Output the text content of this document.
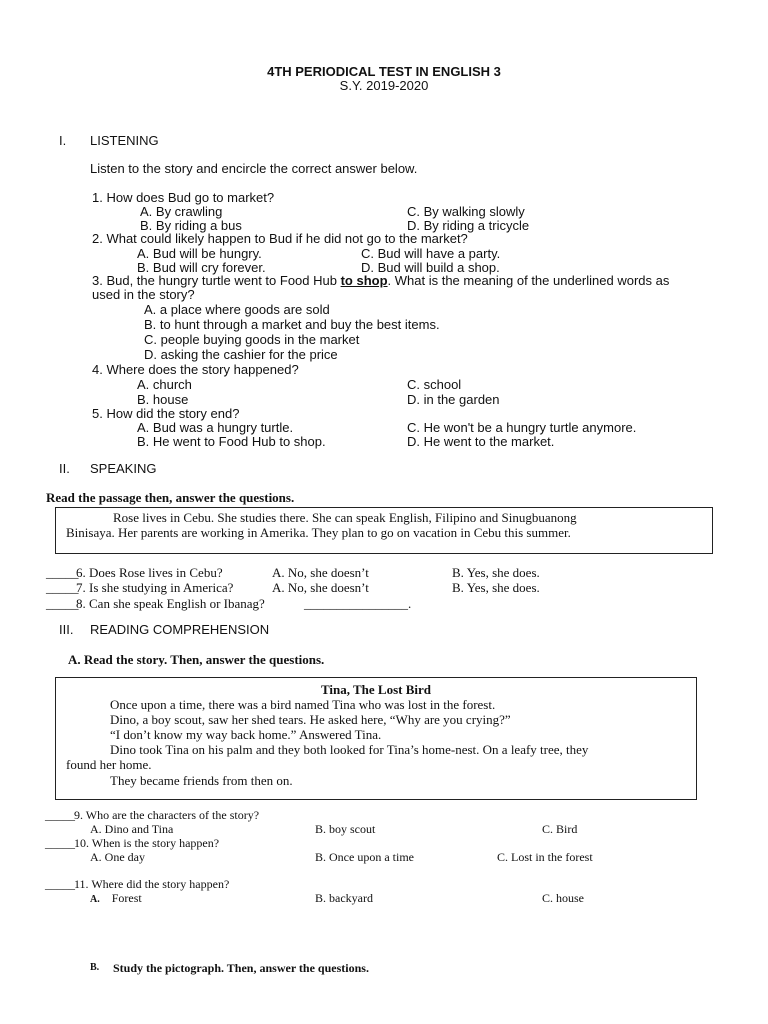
4TH PERIODICAL TEST IN ENGLISH 3
S.Y. 2019-2020
I. LISTENING
Listen to the story and encircle the correct answer below.
1. How does Bud go to market?
A. By crawling	C. By walking slowly
B. By riding a bus	D. By riding a tricycle
2. What could likely happen to Bud if he did not go to the market?
A. Bud will be hungry.	C. Bud will have a party.
B. Bud will cry forever.	D. Bud will build a shop.
3. Bud, the hungry turtle went to Food Hub to shop. What is the meaning of the underlined words as
used in the story?
A. a place where goods are sold
B. to hunt through a market and buy the best items.
C. people buying goods in the market
D. asking the cashier for the price
4. Where does the story happened?
A. church	C. school
B. house	D. in the garden
5. How did the story end?
A. Bud was a hungry turtle.	C. He won't be a hungry turtle anymore.
B. He went to Food Hub to shop.	D. He went to the market.
II. SPEAKING
Read the passage then, answer the questions.
Rose lives in Cebu. She studies there. She can speak English, Filipino and Sinugbuanong
Binisaya. Her parents are working in Amerika. They plan to go on vacation in Cebu this summer.
_____
6. Does Rose lives in Cebu?	A. No, she doesn’t	B. Yes, she does.
_____
7. Is she studying in America?	A. No, she doesn’t	B. Yes, she does.
_____
8. Can she speak English or Ibanag?	________________.
III. READING COMPREHENSION
A. Read the story. Then, answer the questions.
Tina, The Lost Bird
Once upon a time, there was a bird named Tina who was lost in the forest.
Dino, a boy scout, saw her shed tears. He asked here, “Why are you crying?”
“I don’t know my way back home.” Answered Tina.
Dino took Tina on his palm and they both looked for Tina’s home-nest. On a leafy tree, they
found her home.
They became friends from then on.
_____ 9. Who are the characters of the story?
A. Dino and Tina	B. boy scout	C. Bird
_____ 10. When is the story happen?
A. One day	B. Once upon a time	C. Lost in the forest
_____ 11. Where did the story happen?
A. Forest	B. backyard	C. house
B. Study the pictograph. Then, answer the questions.
